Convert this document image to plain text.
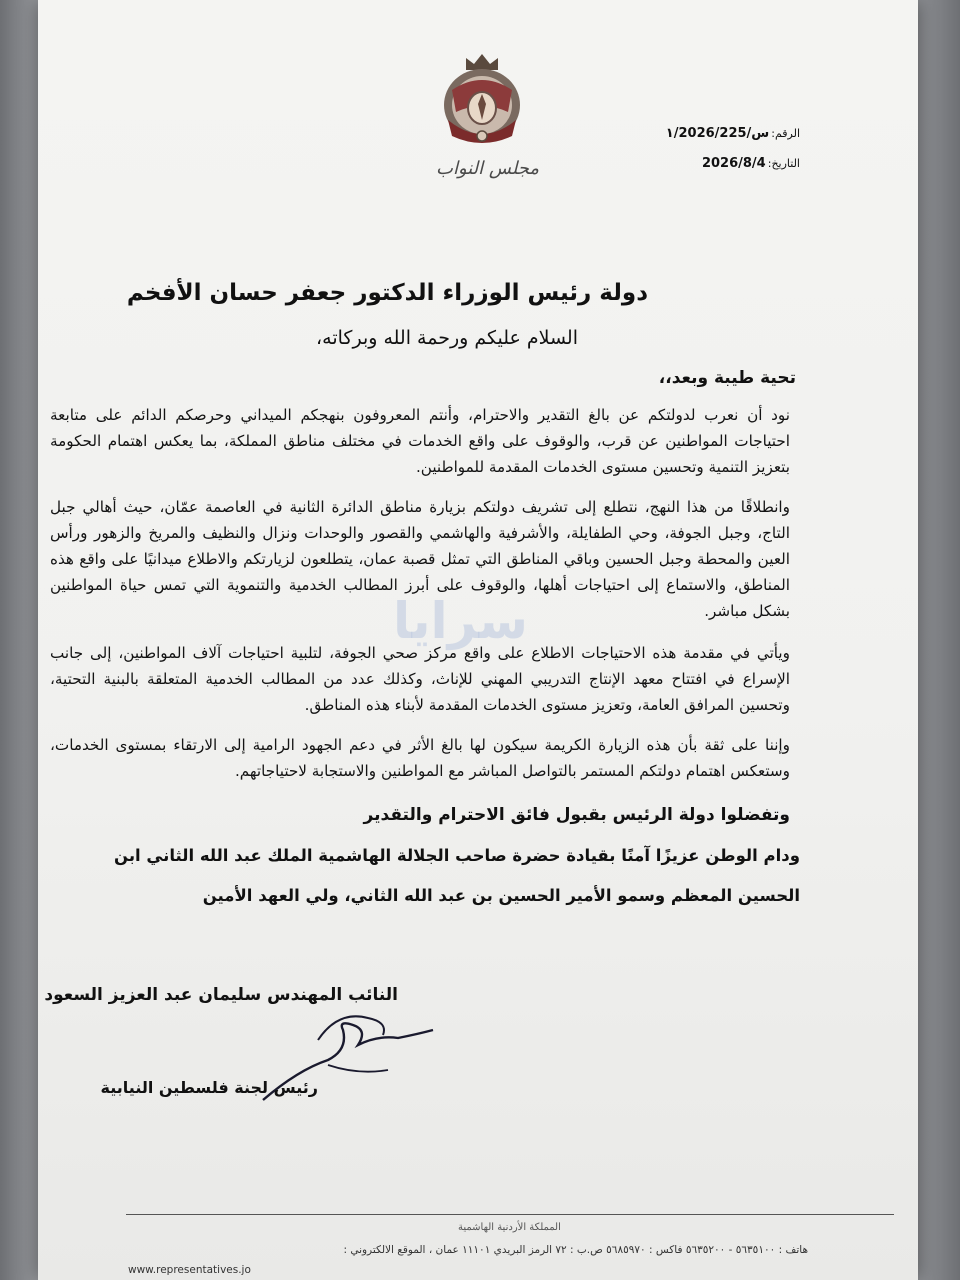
مجلس النواب
الرقم:س/١/2026/225
التاريخ:2026/8/4
دولة رئيس الوزراء الدكتور جعفر حسان الأفخم
السلام عليكم ورحمة الله وبركاته،
تحية طيبة وبعد،،
نود أن نعرب لدولتكم عن بالغ التقدير والاحترام، وأنتم المعروفون بنهجكم الميداني وحرصكم الدائم على متابعة احتياجات المواطنين عن قرب، والوقوف على واقع الخدمات في مختلف مناطق المملكة، بما يعكس اهتمام الحكومة بتعزيز التنمية وتحسين مستوى الخدمات المقدمة للمواطنين.
وانطلاقًا من هذا النهج، نتطلع إلى تشريف دولتكم بزيارة مناطق الدائرة الثانية في العاصمة عمّان، حيث أهالي جبل التاج، وجبل الجوفة، وحي الطفايلة، والأشرفية والهاشمي والقصور والوحدات ونزال والنظيف والمريخ والزهور ورأس العين والمحطة وجبل الحسين وباقي المناطق التي تمثل قصبة عمان، يتطلعون لزيارتكم والاطلاع ميدانيًا على واقع هذه المناطق، والاستماع إلى احتياجات أهلها، والوقوف على أبرز المطالب الخدمية والتنموية التي تمس حياة المواطنين بشكل مباشر.
ويأتي في مقدمة هذه الاحتياجات الاطلاع على واقع مركز صحي الجوفة، لتلبية احتياجات آلاف المواطنين، إلى جانب الإسراع في افتتاح معهد الإنتاج التدريبي المهني للإناث، وكذلك عدد من المطالب الخدمية المتعلقة بالبنية التحتية، وتحسين المرافق العامة، وتعزيز مستوى الخدمات المقدمة لأبناء هذه المناطق.
وإننا على ثقة بأن هذه الزيارة الكريمة سيكون لها بالغ الأثر في دعم الجهود الرامية إلى الارتقاء بمستوى الخدمات، وستعكس اهتمام دولتكم المستمر بالتواصل المباشر مع المواطنين والاستجابة لاحتياجاتهم.
وتفضلوا دولة الرئيس بقبول فائق الاحترام والتقدير
ودام الوطن عزيزًا آمنًا بقيادة حضرة صاحب الجلالة الهاشمية الملك عبد الله الثاني ابن
الحسين المعظم وسمو الأمير الحسين بن عبد الله الثاني، ولي العهد الأمين
النائب المهندس سليمان عبد العزيز السعود
رئيس لجنة فلسطين النيابية
سرايا
المملكة الأردنية الهاشمية
هاتف : ٥٦٣٥١٠٠ - ٥٦٣٥٢٠٠ فاكس : ٥٦٨٥٩٧٠ ص.ب : ٧٢ الرمز البريدي ١١١٠١ عمان ، الموقع الالكتروني :
www.representatives.jo
